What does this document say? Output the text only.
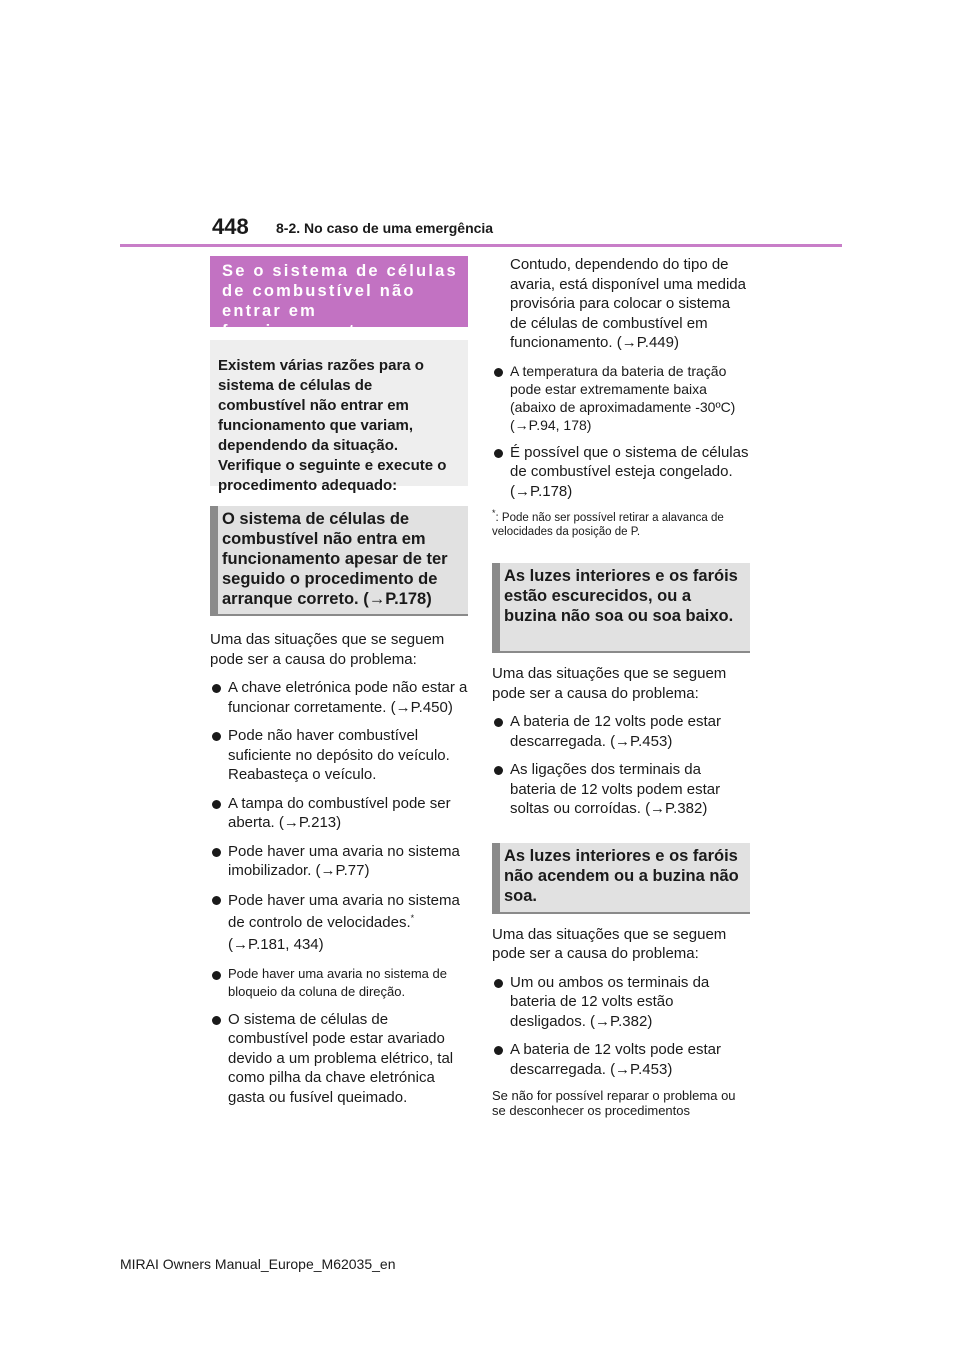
448 8-2. No caso de uma emergência
Se o sistema de células de combustível não entrar em funcionamento
Existem várias razões para o sistema de células de combustível não entrar em funcionamento que variam, dependendo da situação. Verifique o seguinte e execute o procedimento adequado:
O sistema de células de combustível não entra em funcionamento apesar de ter seguido o procedimento de arranque correto. (→P.178)
Uma das situações que se seguem pode ser a causa do problema:
A chave eletrónica pode não estar a funcionar corretamente. (→P.450)
Pode não haver combustível suficiente no depósito do veículo. Reabasteça o veículo.
A tampa do combustível pode ser aberta. (→P.213)
Pode haver uma avaria no sistema imobilizador. (→P.77)
Pode haver uma avaria no sistema de controlo de velocidades.* (→P.181, 434)
Pode haver uma avaria no sistema de bloqueio da coluna de direção.
O sistema de células de combustível pode estar avariado devido a um problema elétrico, tal como pilha da chave eletrónica gasta ou fusível queimado.
Contudo, dependendo do tipo de avaria, está disponível uma medida provisória para colocar o sistema de células de combustível em funcionamento. (→P.449)
A temperatura da bateria de tração pode estar extremamente baixa (abaixo de aproximadamente -30ºC) (→P.94, 178)
É possível que o sistema de células de combustível esteja congelado. (→P.178)
*: Pode não ser possível retirar a alavanca de velocidades da posição de P.
As luzes interiores e os faróis estão escurecidos, ou a buzina não soa ou soa baixo.
Uma das situações que se seguem pode ser a causa do problema:
A bateria de 12 volts pode estar descarregada. (→P.453)
As ligações dos terminais da bateria de 12 volts podem estar soltas ou corroídas. (→P.382)
As luzes interiores e os faróis não acendem ou a buzina não soa.
Uma das situações que se seguem pode ser a causa do problema:
Um ou ambos os terminais da bateria de 12 volts estão desligados. (→P.382)
A bateria de 12 volts pode estar descarregada. (→P.453)
Se não for possível reparar o problema ou se desconhecer os procedimentos
MIRAI Owners Manual_Europe_M62035_en
